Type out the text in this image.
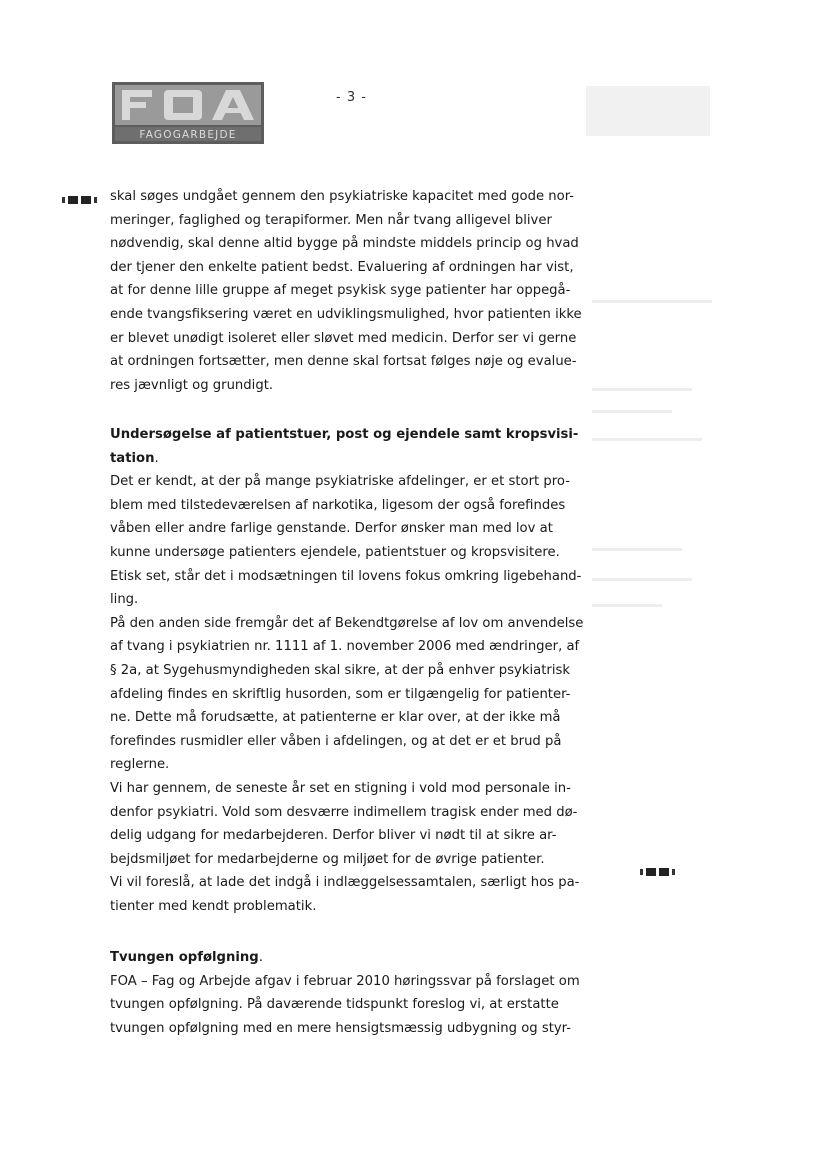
FAGOGARBEJDE
- 3 -
skal søges undgået gennem den psykiatriske kapacitet med gode nor-
meringer, faglighed og terapiformer. Men når tvang alligevel bliver
nødvendig, skal denne altid bygge på mindste middels princip og hvad
der tjener den enkelte patient bedst. Evaluering af ordningen har vist,
at for denne lille gruppe af meget psykisk syge patienter har oppegå-
ende tvangsfiksering været en udviklingsmulighed, hvor patienten ikke
er blevet unødigt isoleret eller sløvet med medicin. Derfor ser vi gerne
at ordningen fortsætter, men denne skal fortsat følges nøje og evalue-
res jævnligt og grundigt.
Undersøgelse af patientstuer, post og ejendele samt kropsvisi-
tation.
Det er kendt, at der på mange psykiatriske afdelinger, er et stort pro-
blem med tilstedeværelsen af narkotika, ligesom der også forefindes
våben eller andre farlige genstande. Derfor ønsker man med lov at
kunne undersøge patienters ejendele, patientstuer og kropsvisitere.
Etisk set, står det i modsætningen til lovens fokus omkring ligebehand-
ling.
På den anden side fremgår det af Bekendtgørelse af lov om anvendelse
af tvang i psykiatrien nr. 1111 af 1. november 2006 med ændringer, af
§ 2a, at Sygehusmyndigheden skal sikre, at der på enhver psykiatrisk
afdeling findes en skriftlig husorden, som er tilgængelig for patienter-
ne. Dette må forudsætte, at patienterne er klar over, at der ikke må
forefindes rusmidler eller våben i afdelingen, og at det er et brud på
reglerne.
Vi har gennem, de seneste år set en stigning i vold mod personale in-
denfor psykiatri. Vold som desværre indimellem tragisk ender med dø-
delig udgang for medarbejderen. Derfor bliver vi nødt til at sikre ar-
bejdsmiljøet for medarbejderne og miljøet for de øvrige patienter.
Vi vil foreslå, at lade det indgå i indlæggelsessamtalen, særligt hos pa-
tienter med kendt problematik.
Tvungen opfølgning.
FOA – Fag og Arbejde afgav i februar 2010 høringssvar på forslaget om
tvungen opfølgning. På daværende tidspunkt foreslog vi, at erstatte
tvungen opfølgning med en mere hensigtsmæssig udbygning og styr-
